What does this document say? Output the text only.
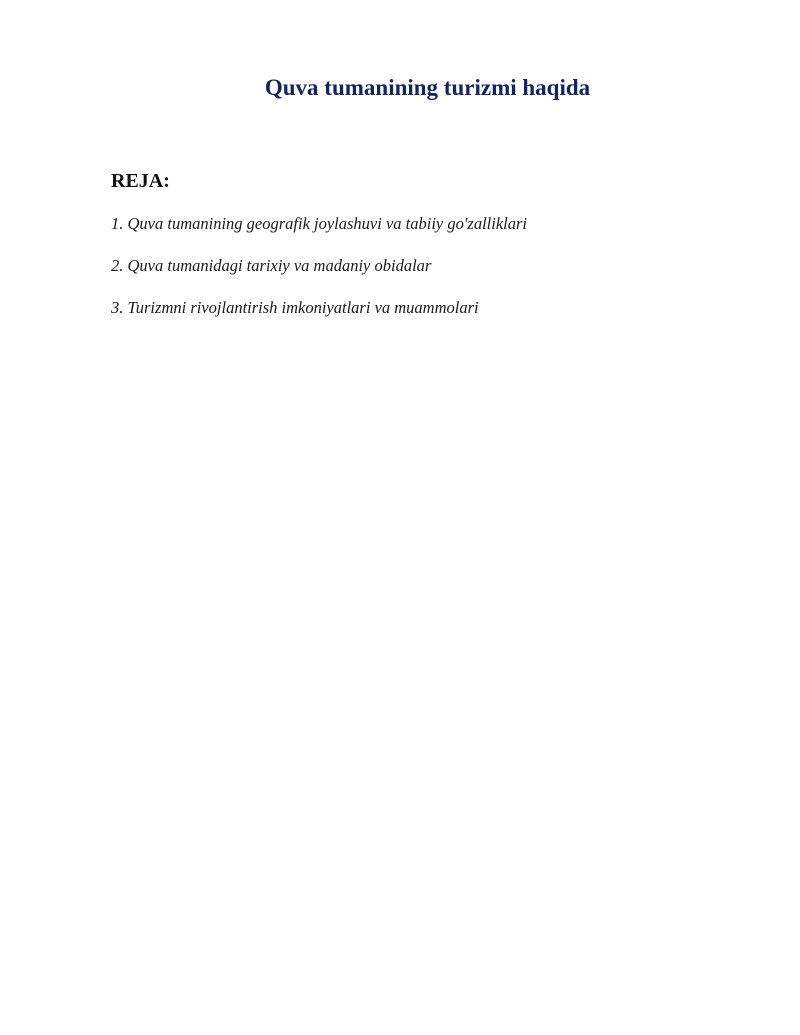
Quva tumanining turizmi haqida
REJA:
1. Quva tumanining geografik joylashuvi va tabiiy go'zalliklari
2. Quva tumanidagi tarixiy va madaniy obidalar
3. Turizmni rivojlantirish imkoniyatlari va muammolari
